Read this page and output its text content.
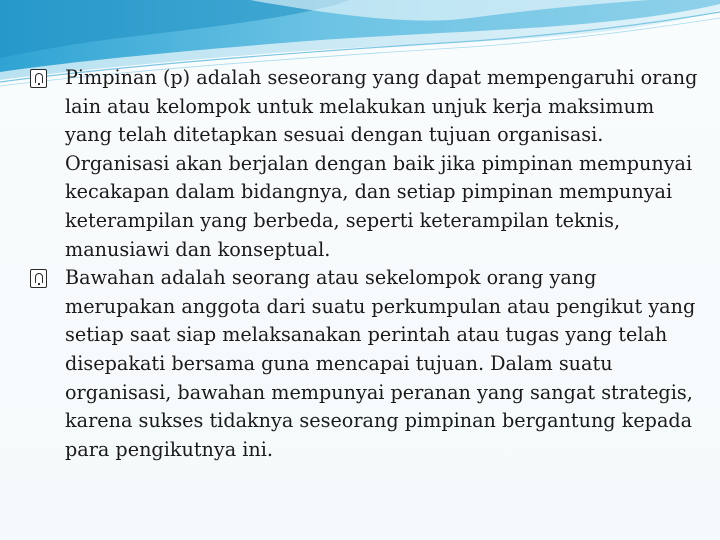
Pimpinan (p) adalah seseorang yang dapat mempengaruhi orang lain atau kelompok untuk melakukan unjuk kerja maksimum yang telah ditetapkan sesuai dengan tujuan organisasi. Organisasi akan berjalan dengan baik jika pimpinan mempunyai kecakapan dalam bidangnya, dan setiap pimpinan mempunyai keterampilan yang berbeda, seperti keterampilan teknis, manusiawi dan konseptual.

Bawahan adalah seorang atau sekelompok orang yang merupakan anggota dari suatu perkumpulan atau pengikut yang setiap saat siap melaksanakan perintah atau tugas yang telah disepakati bersama guna mencapai tujuan. Dalam suatu organisasi, bawahan mempunyai peranan yang sangat strategis, karena sukses tidaknya seseorang pimpinan bergantung kepada para pengikutnya ini.
